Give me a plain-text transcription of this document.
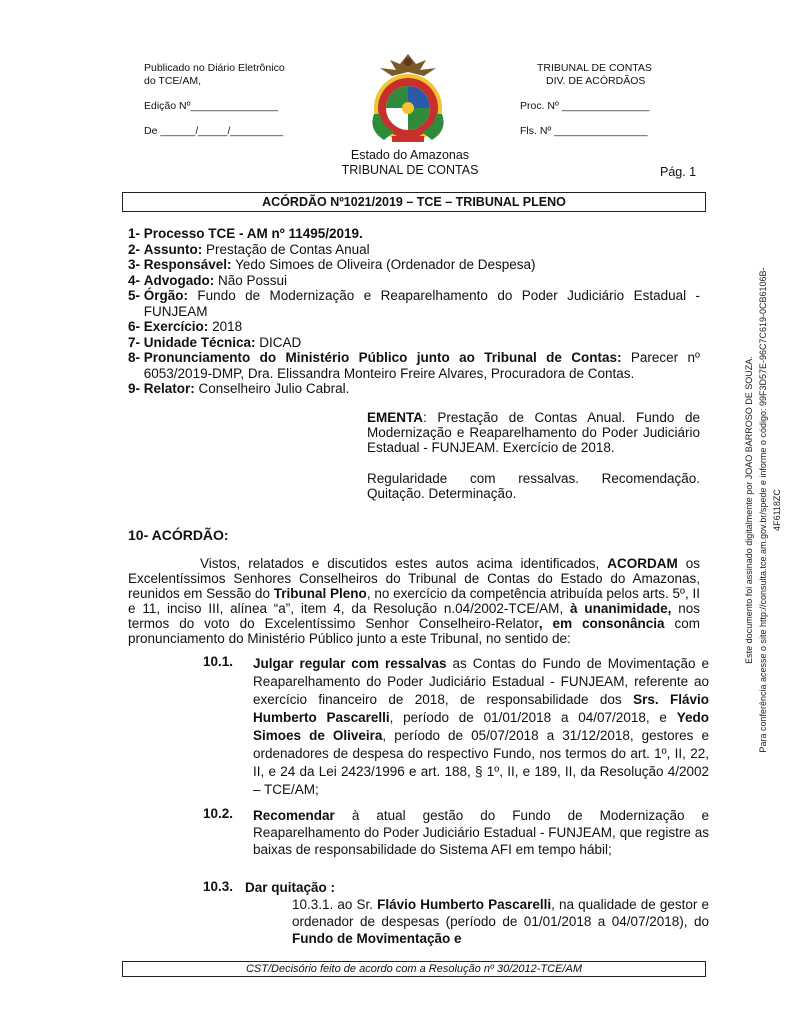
Publicado no Diário Eletrônico
do TCE/AM,
Edição Nº_______________
De ______/_____/_________
TRIBUNAL DE CONTAS
DIV. DE ACÓRDÃOS
Proc. Nº _______________
Fls. Nº ________________
Estado do Amazonas
TRIBUNAL DE CONTAS	Pág. 1
ACÓRDÃO Nº1021/2019 – TCE – TRIBUNAL PLENO
1- Processo TCE - AM nº 11495/2019.
2- Assunto: Prestação de Contas Anual
3- Responsável: Yedo Simoes de Oliveira (Ordenador de Despesa)
4- Advogado: Não Possui
5- Órgão: Fundo de Modernização e Reaparelhamento do Poder Judiciário Estadual - FUNJEAM
6- Exercício: 2018
7- Unidade Técnica: DICAD
8- Pronunciamento do Ministério Público junto ao Tribunal de Contas: Parecer nº 6053/2019-DMP, Dra. Elissandra Monteiro Freire Alvares, Procuradora de Contas.
9- Relator: Conselheiro Julio Cabral.
EMENTA: Prestação de Contas Anual. Fundo de Modernização e Reaparelhamento do Poder Judiciário Estadual - FUNJEAM. Exercício de 2018.
Regularidade com ressalvas. Recomendação. Quitação. Determinação.
10- ACÓRDÃO:
Vistos, relatados e discutidos estes autos acima identificados, ACORDAM os Excelentíssimos Senhores Conselheiros do Tribunal de Contas do Estado do Amazonas, reunidos em Sessão do Tribunal Pleno, no exercício da competência atribuída pelos arts. 5º, II e 11, inciso III, alínea “a”, item 4, da Resolução n.04/2002-TCE/AM, à unanimidade, nos termos do voto do Excelentíssimo Senhor Conselheiro-Relator, em consonância com pronunciamento do Ministério Público junto a este Tribunal, no sentido de:
10.1. Julgar regular com ressalvas as Contas do Fundo de Movimentação e Reaparelhamento do Poder Judiciário Estadual - FUNJEAM, referente ao exercício financeiro de 2018, de responsabilidade dos Srs. Flávio Humberto Pascarelli, período de 01/01/2018 a 04/07/2018, e Yedo Simoes de Oliveira, período de 05/07/2018 a 31/12/2018, gestores e ordenadores de despesa do respectivo Fundo, nos termos do art. 1º, II, 22, II, e 24 da Lei 2423/1996 e art. 188, § 1º, II, e 189, II, da Resolução 4/2002 – TCE/AM;
10.2. Recomendar à atual gestão do Fundo de Modernização e Reaparelhamento do Poder Judiciário Estadual - FUNJEAM, que registre as baixas de responsabilidade do Sistema AFI em tempo hábil;
10.3. Dar quitação :
10.3.1. ao Sr. Flávio Humberto Pascarelli, na qualidade de gestor e ordenador de despesas (período de 01/01/2018 a 04/07/2018), do Fundo de Movimentação e
CST/Decisório feito de acordo com a Resolução nº 30/2012-TCE/AM
Este documento foi assinado digitalmente por JOAO BARROSO DE SOUZA. Para conferência acesse o site http://consulta.tce.am.gov.br/spede e informe o código: 99F3D57E-96C7C619-0CB6106B-4F6118ZC
